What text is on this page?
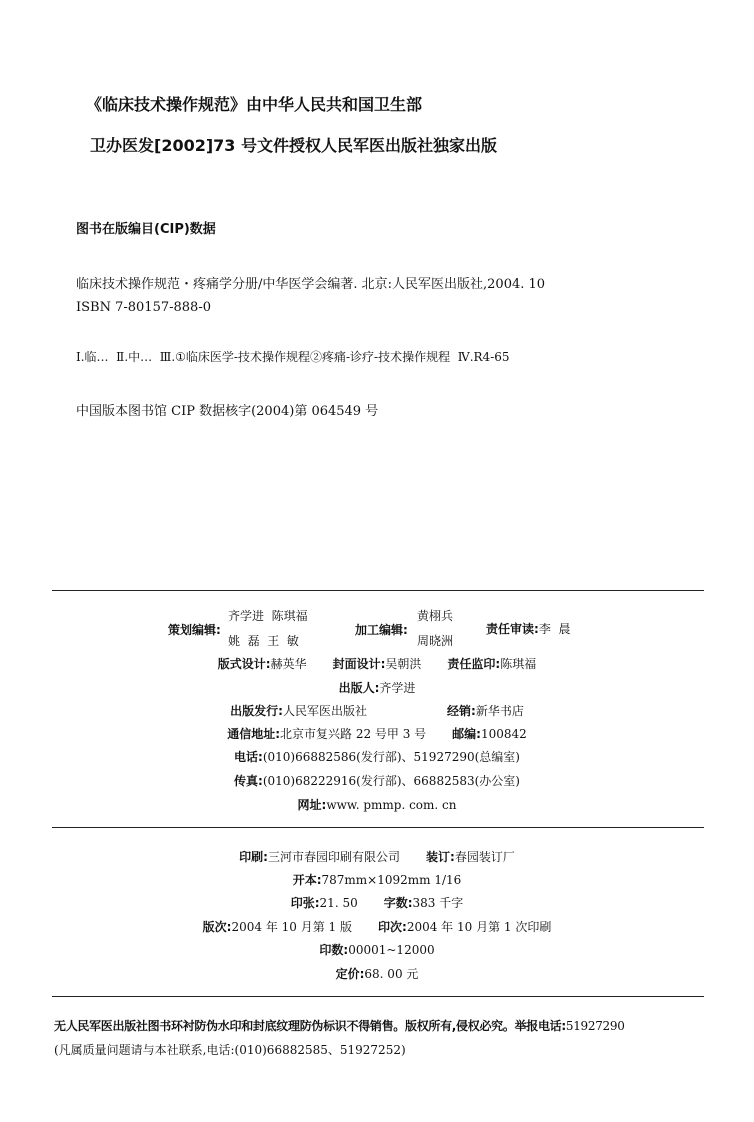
《临床技术操作规范》由中华人民共和国卫生部
卫办医发[2002]73 号文件授权人民军医出版社独家出版
图书在版编目(CIP)数据
临床技术操作规范・疼痛学分册/中华医学会编著. 北京:人民军医出版社,2004. 10
ISBN 7-80157-888-0
Ⅰ.临…  Ⅱ.中…  Ⅲ.①临床医学-技术操作规程②疼痛-诊疗-技术操作规程  Ⅳ.R4-65
中国版本图书馆 CIP 数据核字(2004)第 064549 号
策划编辑:
齐学进  陈琪福
姚  磊  王  敏
加工编辑:
黄栩兵
周晓洲
责任审读:李  晨
版式设计:赫英华 封面设计:吴朝洪 责任监印:陈琪福
出版人:齐学进
出版发行:人民军医出版社	经销:新华书店
通信地址:北京市复兴路 22 号甲 3 号 邮编:100842
电话:(010)66882586(发行部)、51927290(总编室)
传真:(010)68222916(发行部)、66882583(办公室)
网址:www. pmmp. com. cn
印刷:三河市春园印刷有限公司 装订:春园装订厂
开本:787mm×1092mm 1/16
印张:21. 50 字数:383 千字
版次:2004 年 10 月第 1 版 印次:2004 年 10 月第 1 次印刷
印数:00001~12000
定价:68. 00 元
无人民军医出版社图书环衬防伪水印和封底纹理防伪标识不得销售。版权所有,侵权必究。举报电话:51927290
(凡属质量问题请与本社联系,电话:(010)66882585、51927252)
